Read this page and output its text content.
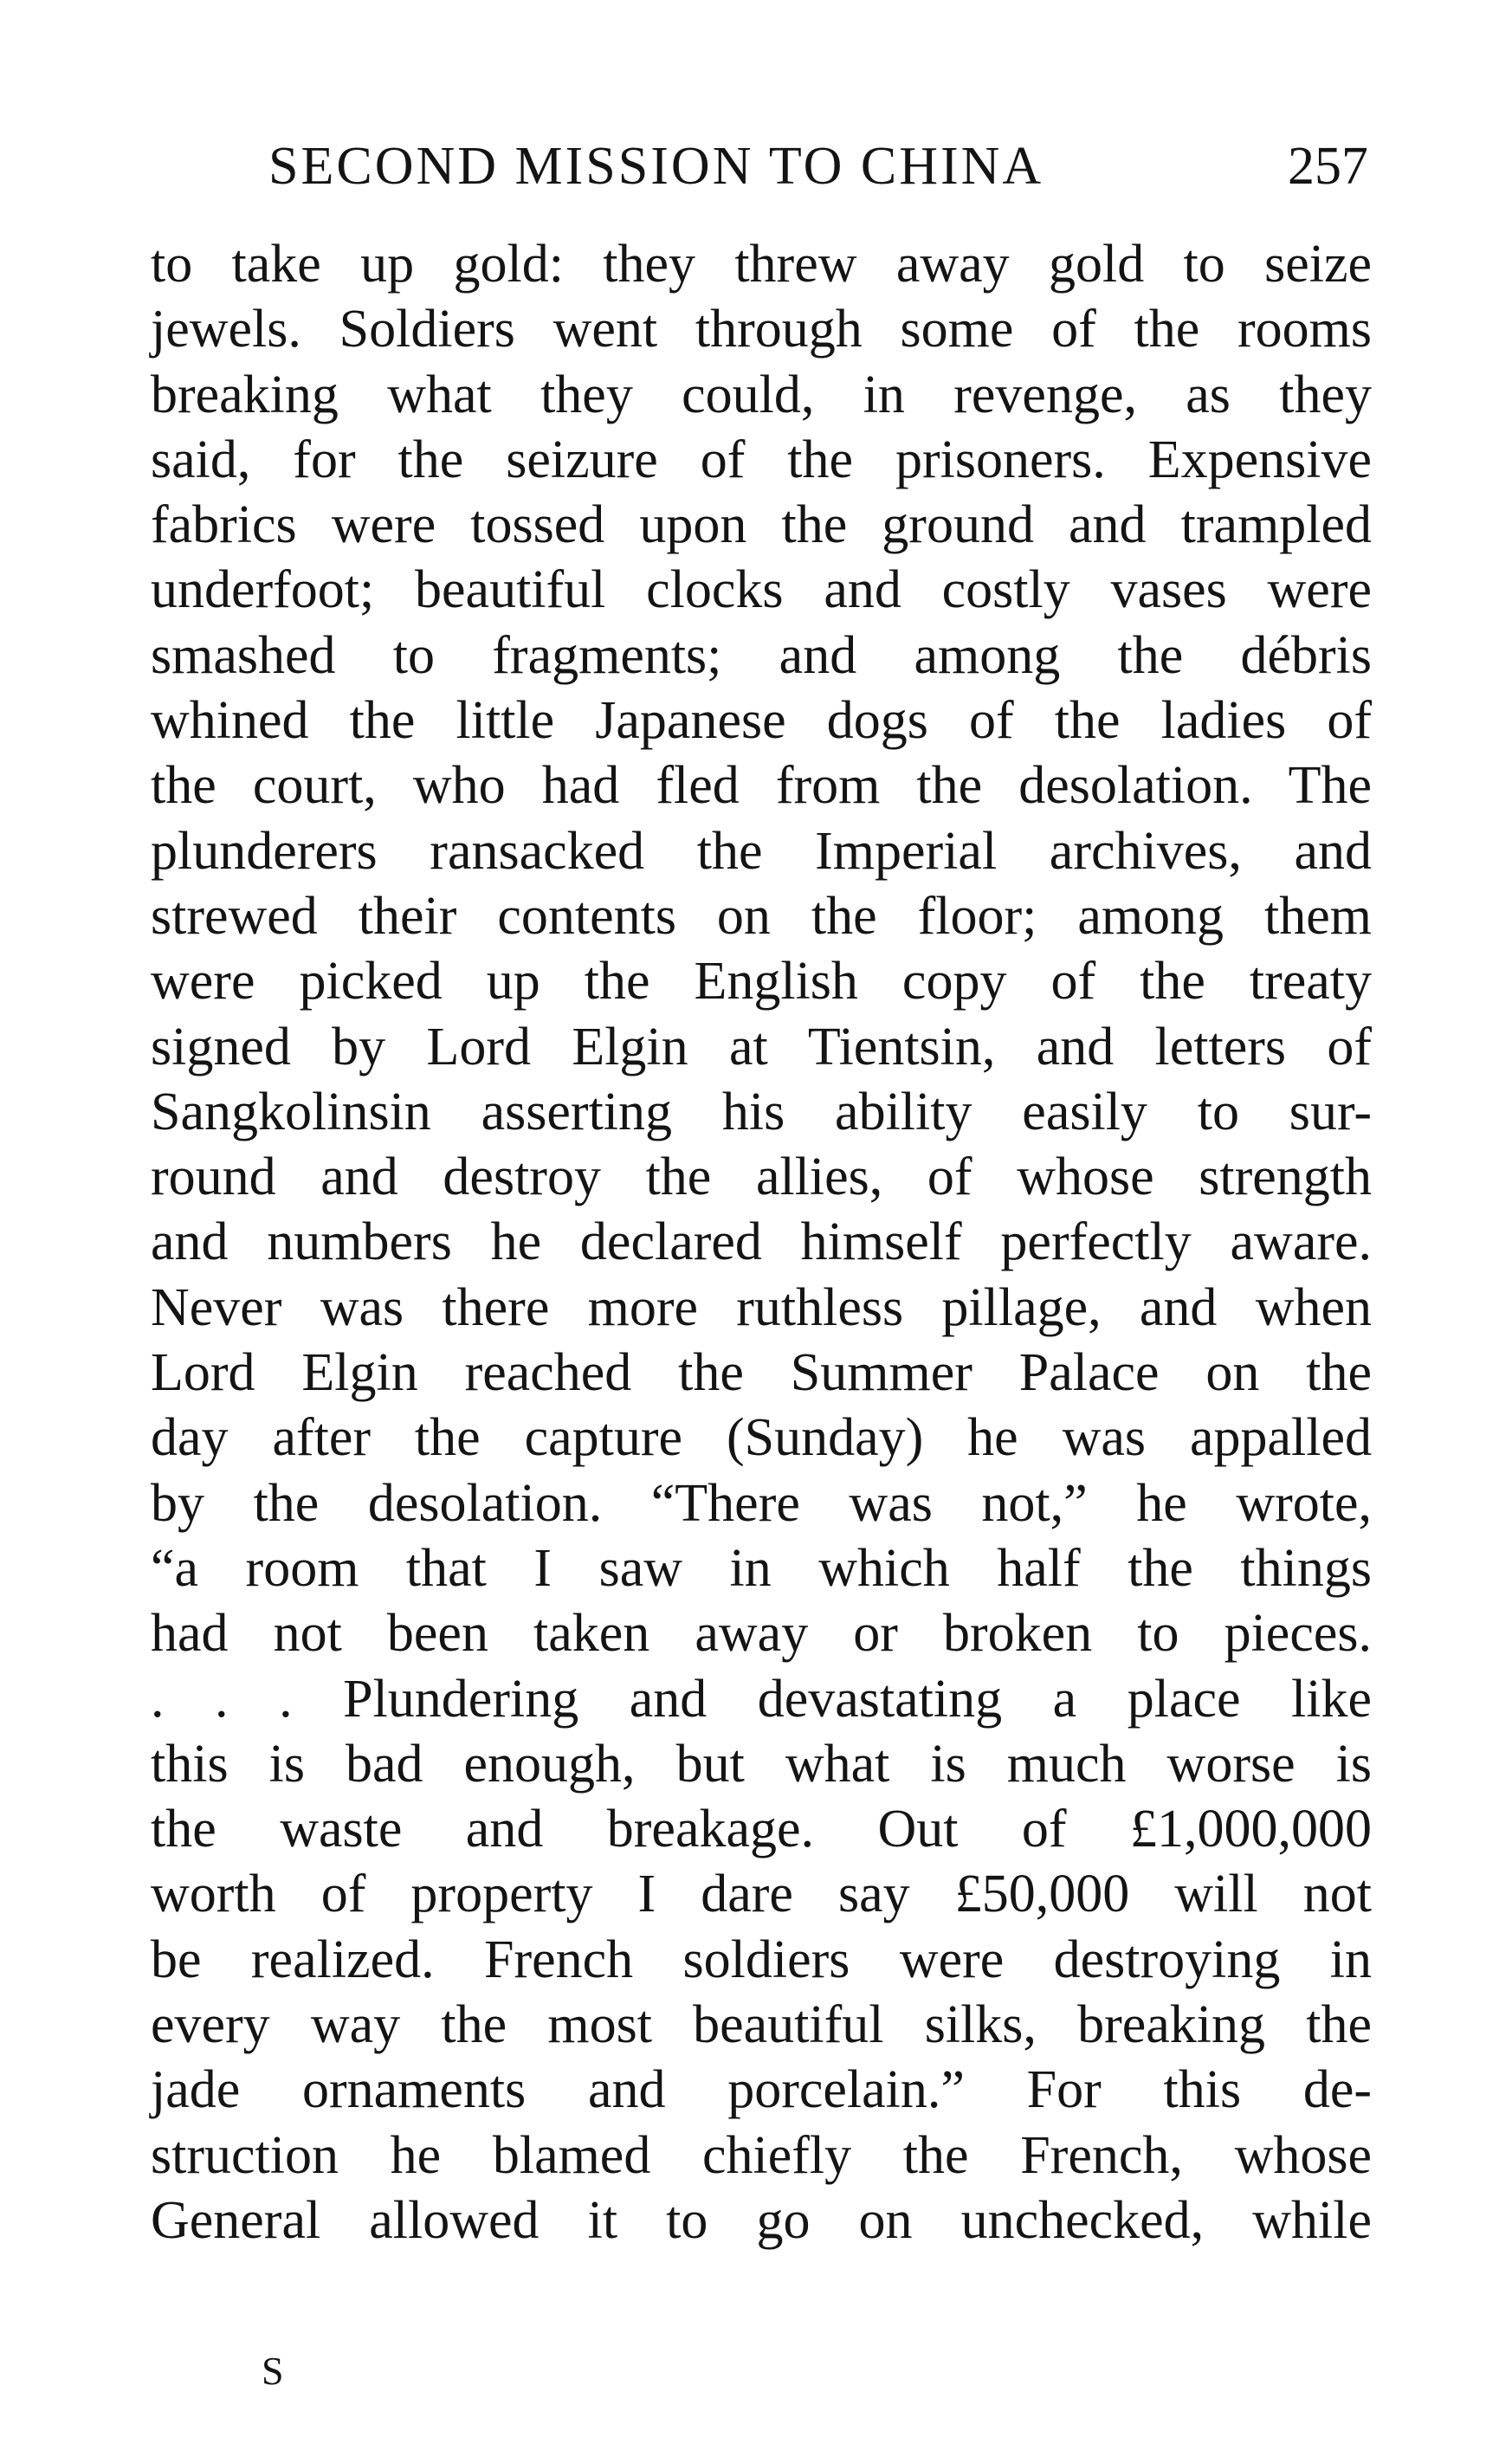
SECOND MISSION TO CHINA	257
to take up gold: they threw away gold to seize
jewels. Soldiers went through some of the rooms
breaking what they could, in revenge, as they
said, for the seizure of the prisoners. Expensive
fabrics were tossed upon the ground and trampled
underfoot; beautiful clocks and costly vases were
smashed to fragments; and among the débris
whined the little Japanese dogs of the ladies of
the court, who had fled from the desolation. The
plunderers ransacked the Imperial archives, and
strewed their contents on the floor; among them
were picked up the English copy of the treaty
signed by Lord Elgin at Tientsin, and letters of
Sangkolinsin asserting his ability easily to sur-
round and destroy the allies, of whose strength
and numbers he declared himself perfectly aware.
Never was there more ruthless pillage, and when
Lord Elgin reached the Summer Palace on the
day after the capture (Sunday) he was appalled
by the desolation. “There was not,” he wrote,
“a room that I saw in which half the things
had not been taken away or broken to pieces.
. . . Plundering and devastating a place like
this is bad enough, but what is much worse is
the waste and breakage. Out of £1,000,000
worth of property I dare say £50,000 will not
be realized. French soldiers were destroying in
every way the most beautiful silks, breaking the
jade ornaments and porcelain.” For this de-
struction he blamed chiefly the French, whose
General allowed it to go on unchecked, while
S
